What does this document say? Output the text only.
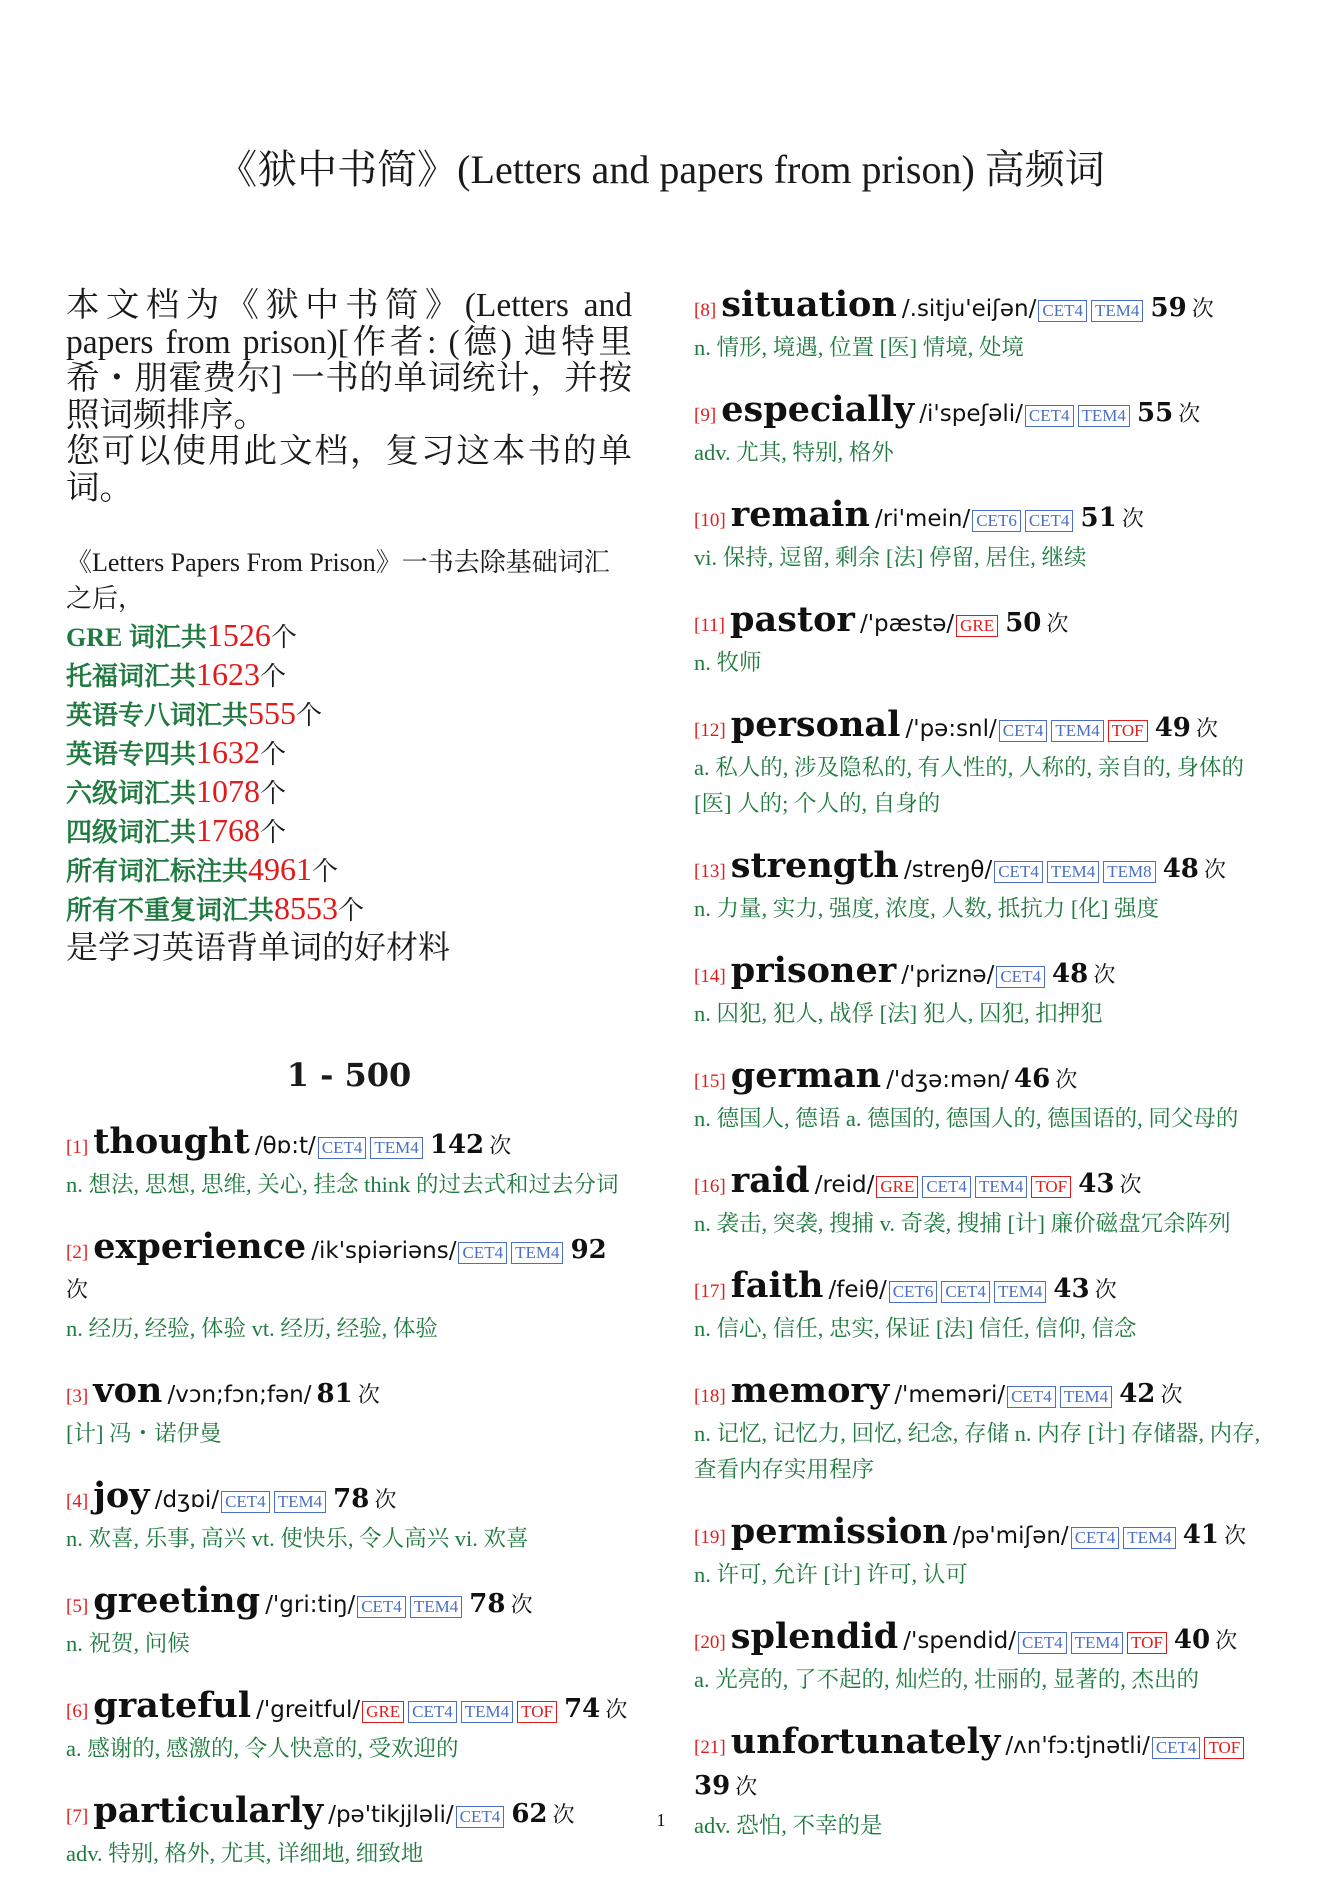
《狱中书简》(Letters and papers from prison) 高频词

本文档为《狱中书简》(Letters and papers from prison)[作者: (德) 迪特里希・朋霍费尔] 一书的单词统计，并按照词频排序。

您可以使用此文档，复习这本书的单词。

《Letters Papers From Prison》一书去除基础词汇之后，
GRE 词汇共1526个
托福词汇共1623个
英语专八词汇共555个
英语专四共1632个
六级词汇共1078个
四级词汇共1768个
所有词汇标注共4961个
所有不重复词汇共8553个
是学习英语背单词的好材料
1 - 500
[1] thought /θɒ:t/ CET4 TEM4 142 次
n. 想法, 思想, 思维, 关心, 挂念 think 的过去式和过去分词
[2] experience /ik'spiəriəns/ CET4 TEM4 92 次
n. 经历, 经验, 体验 vt. 经历, 经验, 体验
[3] von /vɔn;fɔn;fən/ 81 次
[计] 冯・诺伊曼
[4] joy /dʒɒi/ CET4 TEM4 78 次
n. 欢喜, 乐事, 高兴 vt. 使快乐, 令人高兴 vi. 欢喜
[5] greeting /'gri:tiŋ/ CET4 TEM4 78 次
n. 祝贺, 问候
[6] grateful /'greitful/ GRE CET4 TEM4 TOF 74 次
a. 感谢的, 感激的, 令人快意的, 受欢迎的
[7] particularly /pə'tikjjləli/ CET4 62 次
adv. 特别, 格外, 尤其, 详细地, 细致地
[8] situation /.sitju'eiʃən/ CET4 TEM4 59 次
n. 情形, 境遇, 位置 [医] 情境, 处境
[9] especially /i'speʃəli/ CET4 TEM4 55 次
adv. 尤其, 特别, 格外
[10] remain /ri'mein/ CET6 CET4 51 次
vi. 保持, 逗留, 剩余 [法] 停留, 居住, 继续
[11] pastor /'pæstə/ GRE 50 次
n. 牧师
[12] personal /'pə:snl/ CET4 TEM4 TOF 49 次
a. 私人的, 涉及隐私的, 有人性的, 人称的, 亲自的, 身体的 [医] 人的; 个人的, 自身的
[13] strength /streŋθ/ CET4 TEM4 TEM8 48 次
n. 力量, 实力, 强度, 浓度, 人数, 抵抗力 [化] 强度
[14] prisoner /'priznə/ CET4 48 次
n. 囚犯, 犯人, 战俘 [法] 犯人, 囚犯, 扣押犯
[15] german /'dʒə:mən/ 46 次
n. 德国人, 德语 a. 德国的, 德国人的, 德国语的, 同父母的
[16] raid /reid/ GRE CET4 TEM4 TOF 43 次
n. 袭击, 突袭, 搜捕 v. 奇袭, 搜捕 [计] 廉价磁盘冗余阵列
[17] faith /feiθ/ CET6 CET4 TEM4 43 次
n. 信心, 信任, 忠实, 保证 [法] 信任, 信仰, 信念
[18] memory /'meməri/ CET4 TEM4 42 次
n. 记忆, 记忆力, 回忆, 纪念, 存储 n. 内存 [计] 存储器, 内存, 查看内存实用程序
[19] permission /pə'miʃən/ CET4 TEM4 41 次
n. 许可, 允许 [计] 许可, 认可
[20] splendid /'spendid/ CET4 TEM4 TOF 40 次
a. 光亮的, 了不起的, 灿烂的, 壮丽的, 显著的, 杰出的
[21] unfortunately /ʌn'fɔ:tjnətli/ CET4 TOF 39 次
adv. 恐怕, 不幸的是
1
